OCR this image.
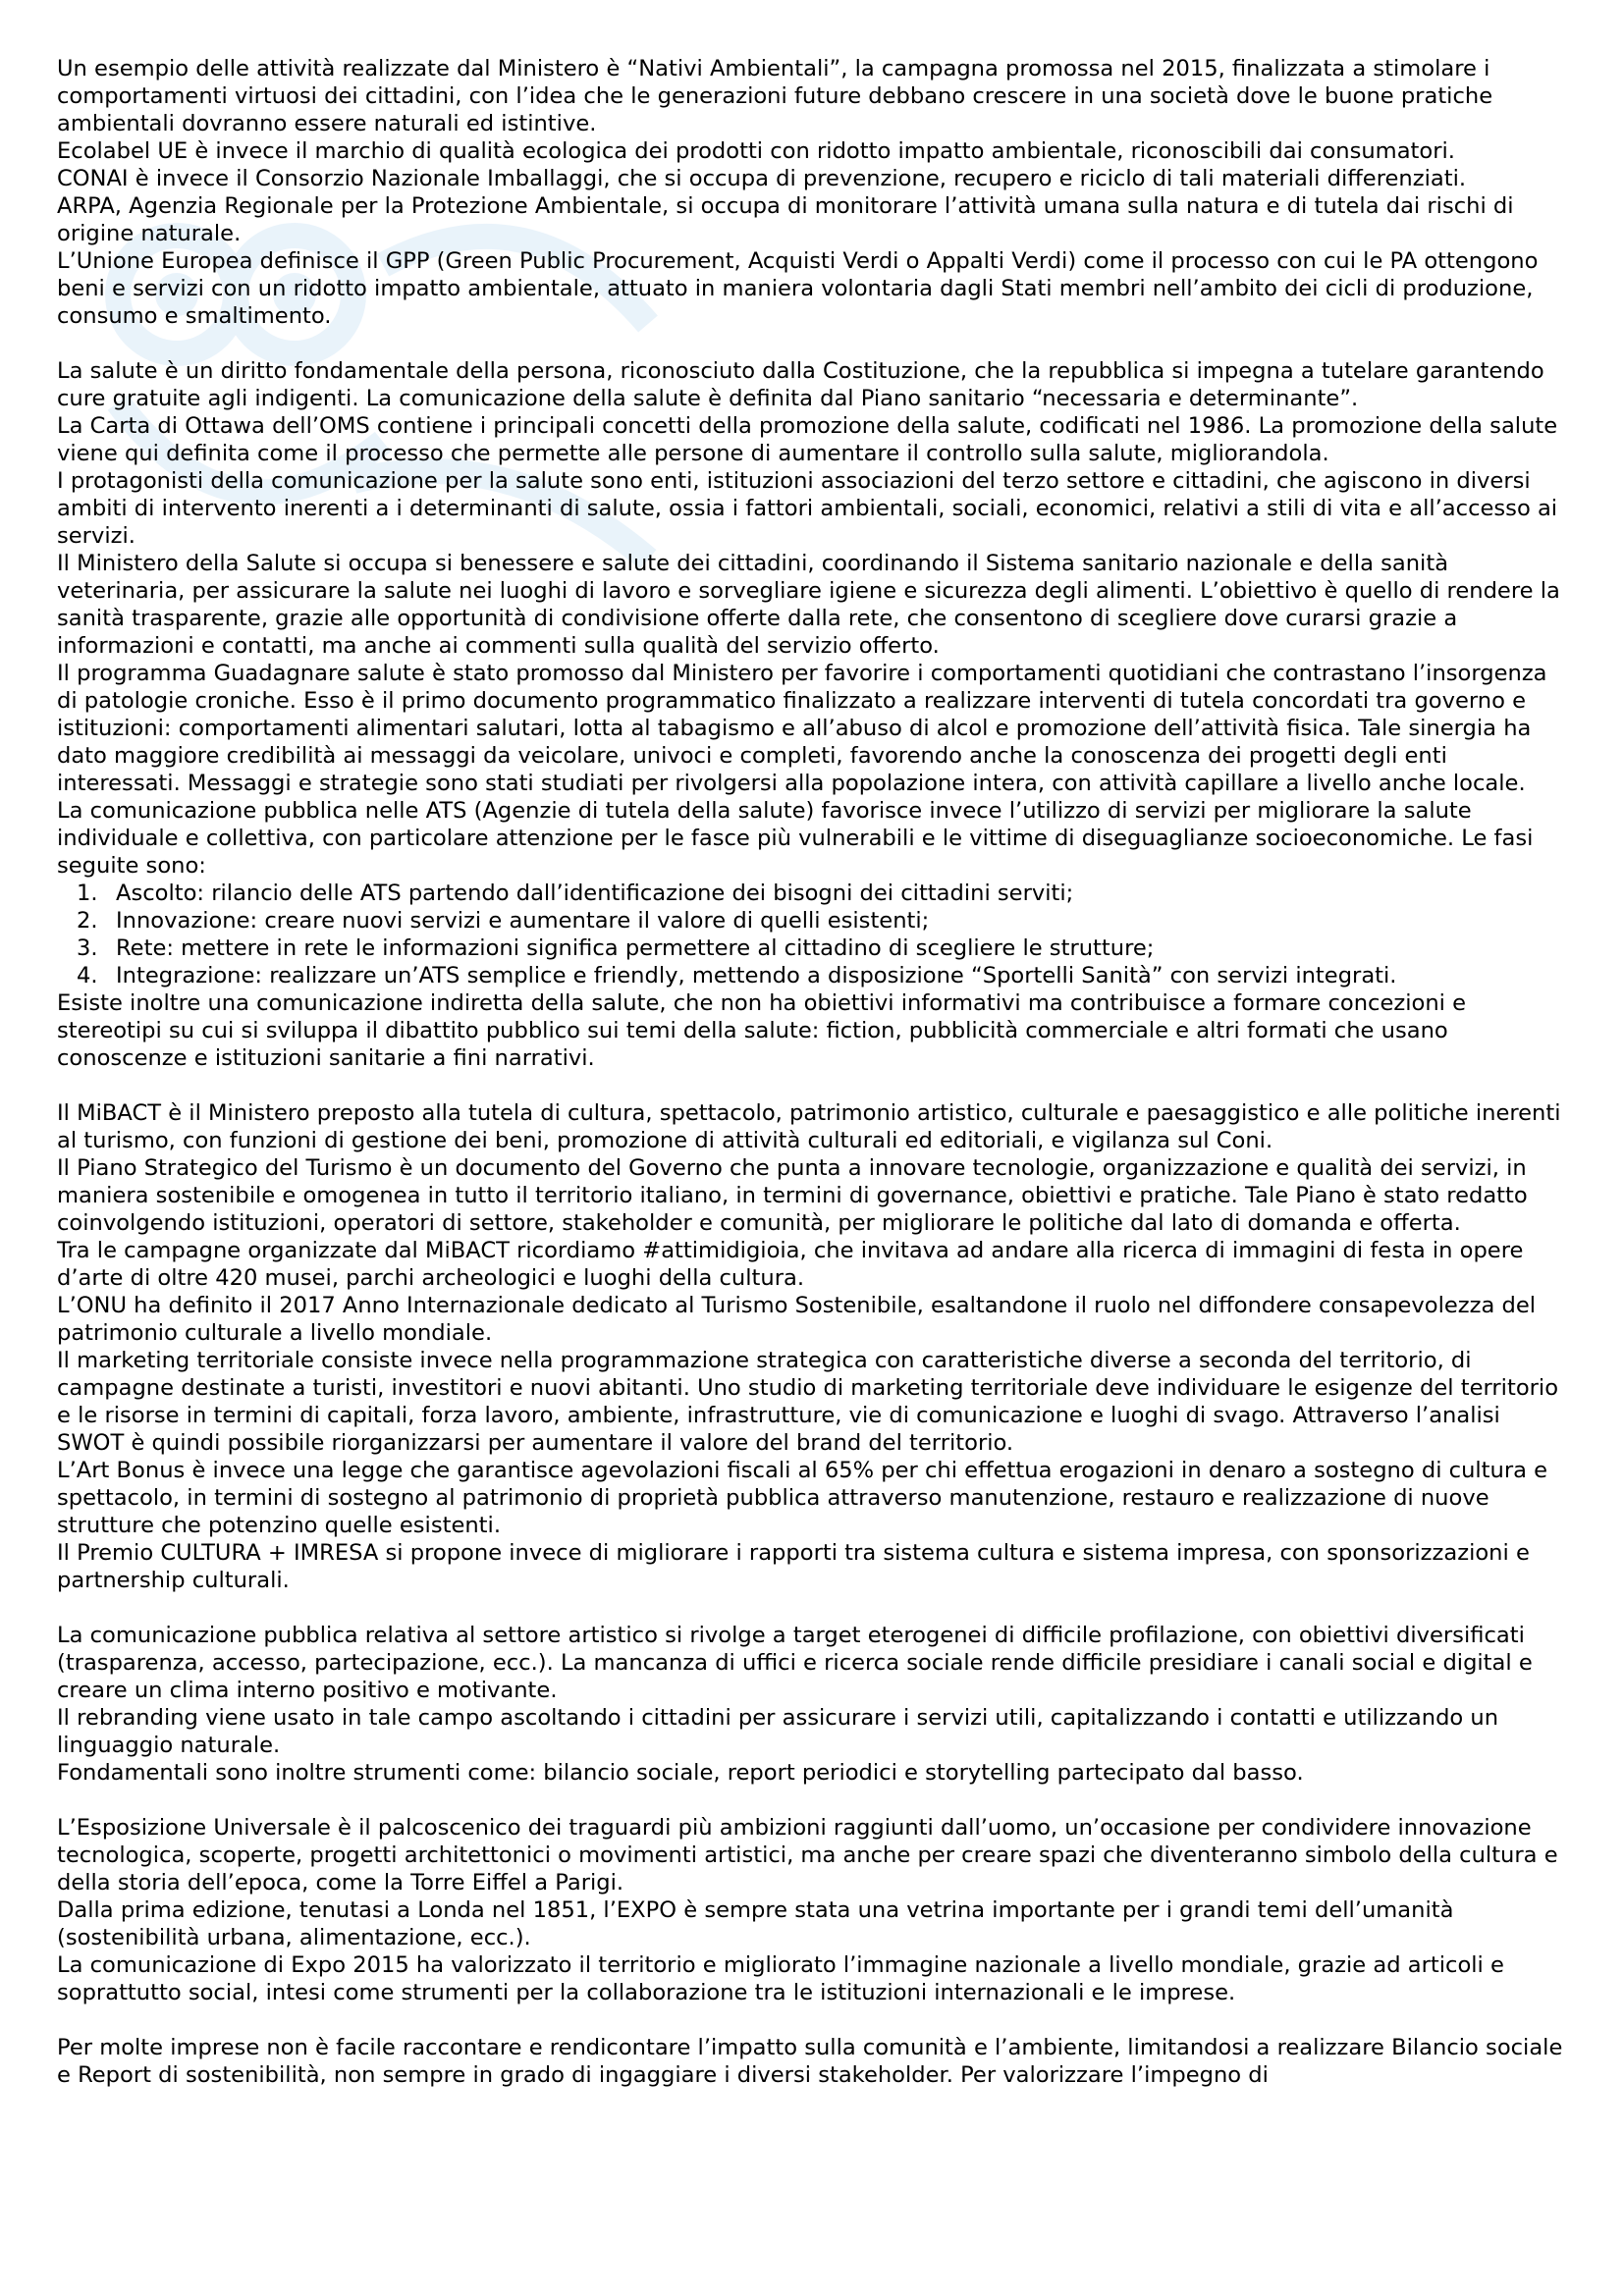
Un esempio delle attività realizzate dal Ministero è “Nativi Ambientali”, la campagna promossa nel 2015, finalizzata a stimolare i comportamenti virtuosi dei cittadini, con l’idea che le generazioni future debbano crescere in una società dove le buone pratiche ambientali dovranno essere naturali ed istintive.

Ecolabel UE è invece il marchio di qualità ecologica dei prodotti con ridotto impatto ambientale, riconoscibili dai consumatori.

CONAI è invece il Consorzio Nazionale Imballaggi, che si occupa di prevenzione, recupero e riciclo di tali materiali differenziati.

ARPA, Agenzia Regionale per la Protezione Ambientale, si occupa di monitorare l’attività umana sulla natura e di tutela dai rischi di origine naturale.

L’Unione Europea definisce il GPP (Green Public Procurement, Acquisti Verdi o Appalti Verdi) come il processo con cui le PA ottengono beni e servizi con un ridotto impatto ambientale, attuato in maniera volontaria dagli Stati membri nell’ambito dei cicli di produzione, consumo e smaltimento.

La salute è un diritto fondamentale della persona, riconosciuto dalla Costituzione, che la repubblica si impegna a tutelare garantendo cure gratuite agli indigenti. La comunicazione della salute è definita dal Piano sanitario “necessaria e determinante”.

La Carta di Ottawa dell’OMS contiene i principali concetti della promozione della salute, codificati nel 1986. La promozione della salute viene qui definita come il processo che permette alle persone di aumentare il controllo sulla salute, migliorandola.

I protagonisti della comunicazione per la salute sono enti, istituzioni associazioni del terzo settore e cittadini, che agiscono in diversi ambiti di intervento inerenti a i determinanti di salute, ossia i fattori ambientali, sociali, economici, relativi a stili di vita e all’accesso ai servizi.

Il Ministero della Salute si occupa si benessere e salute dei cittadini, coordinando il Sistema sanitario nazionale e della sanità veterinaria, per assicurare la salute nei luoghi di lavoro e sorvegliare igiene e sicurezza degli alimenti. L’obiettivo è quello di rendere la sanità trasparente, grazie alle opportunità di condivisione offerte dalla rete, che consentono di scegliere dove curarsi grazie a informazioni e contatti, ma anche ai commenti sulla qualità del servizio offerto.

Il programma Guadagnare salute è stato promosso dal Ministero per favorire i comportamenti quotidiani che contrastano l’insorgenza di patologie croniche. Esso è il primo documento programmatico finalizzato a realizzare interventi di tutela concordati tra governo e istituzioni: comportamenti alimentari salutari, lotta al tabagismo e all’abuso di alcol e promozione dell’attività fisica. Tale sinergia ha dato maggiore credibilità ai messaggi da veicolare, univoci e completi, favorendo anche la conoscenza dei progetti degli enti interessati. Messaggi e strategie sono stati studiati per rivolgersi alla popolazione intera, con attività capillare a livello anche locale.

La comunicazione pubblica nelle ATS (Agenzie di tutela della salute) favorisce invece l’utilizzo di servizi per migliorare la salute individuale e collettiva, con particolare attenzione per le fasce più vulnerabili e le vittime di diseguaglianze socioeconomiche. Le fasi seguite sono:

Ascolto: rilancio delle ATS partendo dall’identificazione dei bisogni dei cittadini serviti;
Innovazione: creare nuovi servizi e aumentare il valore di quelli esistenti;
Rete: mettere in rete le informazioni significa permettere al cittadino di scegliere le strutture;
Integrazione: realizzare un’ATS semplice e friendly, mettendo a disposizione “Sportelli Sanità” con servizi integrati.

Esiste inoltre una comunicazione indiretta della salute, che non ha obiettivi informativi ma contribuisce a formare concezioni e stereotipi su cui si sviluppa il dibattito pubblico sui temi della salute: fiction, pubblicità commerciale e altri formati che usano conoscenze e istituzioni sanitarie a fini narrativi.

Il MiBACT è il Ministero preposto alla tutela di cultura, spettacolo, patrimonio artistico, culturale e paesaggistico e alle politiche inerenti al turismo, con funzioni di gestione dei beni, promozione di attività culturali ed editoriali, e vigilanza sul Coni.

Il Piano Strategico del Turismo è un documento del Governo che punta a innovare tecnologie, organizzazione e qualità dei servizi, in maniera sostenibile e omogenea in tutto il territorio italiano, in termini di governance, obiettivi e pratiche. Tale Piano è stato redatto coinvolgendo istituzioni, operatori di settore, stakeholder e comunità, per migliorare le politiche dal lato di domanda e offerta.

Tra le campagne organizzate dal MiBACT ricordiamo #attimidigioia, che invitava ad andare alla ricerca di immagini di festa in opere d’arte di oltre 420 musei, parchi archeologici e luoghi della cultura.

L’ONU ha definito il 2017 Anno Internazionale dedicato al Turismo Sostenibile, esaltandone il ruolo nel diffondere consapevolezza del patrimonio culturale a livello mondiale.

Il marketing territoriale consiste invece nella programmazione strategica con caratteristiche diverse a seconda del territorio, di campagne destinate a turisti, investitori e nuovi abitanti. Uno studio di marketing territoriale deve individuare le esigenze del territorio e le risorse in termini di capitali, forza lavoro, ambiente, infrastrutture, vie di comunicazione e luoghi di svago. Attraverso l’analisi SWOT è quindi possibile riorganizzarsi per aumentare il valore del brand del territorio.

L’Art Bonus è invece una legge che garantisce agevolazioni fiscali al 65% per chi effettua erogazioni in denaro a sostegno di cultura e spettacolo, in termini di sostegno al patrimonio di proprietà pubblica attraverso manutenzione, restauro e realizzazione di nuove strutture che potenzino quelle esistenti.

Il Premio CULTURA + IMRESA si propone invece di migliorare i rapporti tra sistema cultura e sistema impresa, con sponsorizzazioni e partnership culturali.

La comunicazione pubblica relativa al settore artistico si rivolge a target eterogenei di difficile profilazione, con obiettivi diversificati (trasparenza, accesso, partecipazione, ecc.). La mancanza di uffici e ricerca sociale rende difficile presidiare i canali social e digital e creare un clima interno positivo e motivante.

Il rebranding viene usato in tale campo ascoltando i cittadini per assicurare i servizi utili, capitalizzando i contatti e utilizzando un linguaggio naturale.

Fondamentali sono inoltre strumenti come: bilancio sociale, report periodici e storytelling partecipato dal basso.

L’Esposizione Universale è il palcoscenico dei traguardi più ambizioni raggiunti dall’uomo, un’occasione per condividere innovazione tecnologica, scoperte, progetti architettonici o movimenti artistici, ma anche per creare spazi che diventeranno simbolo della cultura e della storia dell’epoca, come la Torre Eiffel a Parigi.

Dalla prima edizione, tenutasi a Londa nel 1851, l’EXPO è sempre stata una vetrina importante per i grandi temi dell’umanità (sostenibilità urbana, alimentazione, ecc.).

La comunicazione di Expo 2015 ha valorizzato il territorio e migliorato l’immagine nazionale a livello mondiale, grazie ad articoli e soprattutto social, intesi come strumenti per la collaborazione tra le istituzioni internazionali e le imprese.

Per molte imprese non è facile raccontare e rendicontare l’impatto sulla comunità e l’ambiente, limitandosi a realizzare Bilancio sociale e Report di sostenibilità, non sempre in grado di ingaggiare i diversi stakeholder. Per valorizzare l’impegno di
